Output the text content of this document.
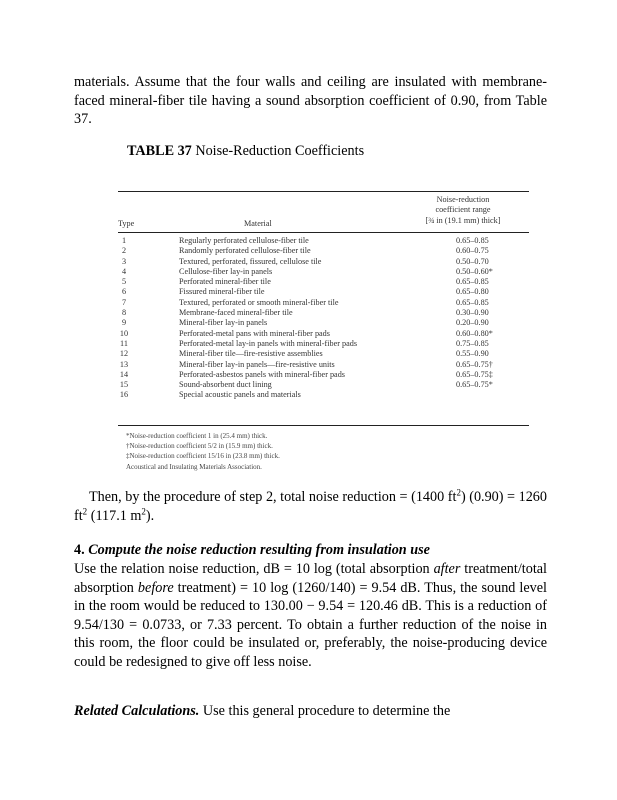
materials. Assume that the four walls and ceiling are insulated with membrane-faced mineral-fiber tile having a sound absorption coefficient of 0.90, from Table 37.

TABLE 37 Noise-Reduction Coefficients
Noise-reduction
coefficient range
[¾ in (19.1 mm) thick]
Type	Material
1	Regularly perforated cellulose-fiber tile	0.65–0.85
2	Randomly perforated cellulose-fiber tile	0.60–0.75
3	Textured, perforated, fissured, cellulose tile	0.50–0.70
4	Cellulose-fiber lay-in panels	0.50–0.60*
5	Perforated mineral-fiber tile	0.65–0.85
6	Fissured mineral-fiber tile	0.65–0.80
7	Textured, perforated or smooth mineral-fiber tile	0.65–0.85
8	Membrane-faced mineral-fiber tile	0.30–0.90
9	Mineral-fiber lay-in panels	0.20–0.90
10	Perforated-metal pans with mineral-fiber pads	0.60–0.80*
11	Perforated-metal lay-in panels with mineral-fiber pads	0.75–0.85
12	Mineral-fiber tile—fire-resistive assemblies	0.55–0.90
13	Mineral-fiber lay-in panels—fire-resistive units	0.65–0.75†
14	Perforated-asbestos panels with mineral-fiber pads	0.65–0.75‡
15	Sound-absorbent duct lining	0.65–0.75*
16	Special acoustic panels and materials
*Noise-reduction coefficient 1 in (25.4 mm) thick.
†Noise-reduction coefficient 5/2 in (15.9 mm) thick.
‡Noise-reduction coefficient 15/16 in (23.8 mm) thick.
Acoustical and Insulating Materials Association.

Then, by the procedure of step 2, total noise reduction = (1400 $ft^2$) (0.90) = 1260 $ft^2$ (117.1 $m^2$).

4. Compute the noise reduction resulting from insulation use

Use the relation noise reduction, dB = 10 log (total absorption after treatment/total absorption before treatment) = 10 log (1260/140) = 9.54 dB. Thus, the sound level in the room would be reduced to 130.00 − 9.54 = 120.46 dB. This is a reduction of 9.54/130 = 0.0733, or 7.33 percent. To obtain a further reduction of the noise in this room, the floor could be insulated or, preferably, the noise-producing device could be redesigned to give off less noise.

Related Calculations. Use this general procedure to determine the
